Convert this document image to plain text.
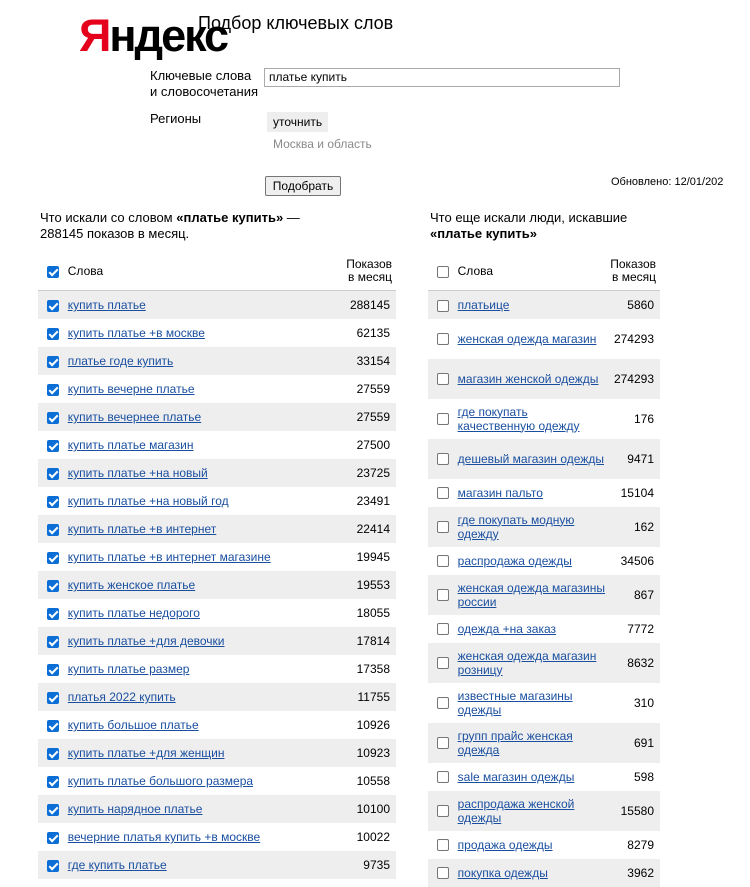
Яндекс
Подбор ключевых слов
Ключевые слова
и словосочетания
платье купить
Регионы	уточнить
Москва и область
Подобрать	Обновлено: 12/01/202
Что искали со словом «платье купить» — 288145 показов в месяц.
Что еще искали люди, искавшие «платье купить»
	Слова	Показов
в месяц

	купить платье	288145
	купить платье +в москве	62135
	платье годе купить	33154
	купить вечерне платье	27559
	купить вечернее платье	27559
	купить платье магазин	27500
	купить платье +на новый	23725
	купить платье +на новый год	23491
	купить платье +в интернет	22414
	купить платье +в интернет магазине	19945
	купить женское платье	19553
	купить платье недорого	18055
	купить платье +для девочки	17814
	купить платье размер	17358
	платья 2022 купить	11755
	купить большое платье	10926
	купить платье +для женщин	10923
	купить платье большого размера	10558
	купить нарядное платье	10100
	вечерние платья купить +в москве	10022
	где купить платье	9735
	Слова	Показов
в месяц

	платьице	5860
	женская одежда магазин	274293
	магазин женской одежды	274293
	где покупать качественную одежду	176
	дешевый магазин одежды	9471
	магазин пальто	15104
	где покупать модную одежду	162
	распродажа одежды	34506
	женская одежда магазины россии	867
	одежда +на заказ	7772
	женская одежда магазин розницу	8632
	известные магазины одежды	310
	групп прайс женская одежда	691
	sale магазин одежды	598
	распродажа женской одежды	15580
	продажа одежды	8279
	покупка одежды	3962
